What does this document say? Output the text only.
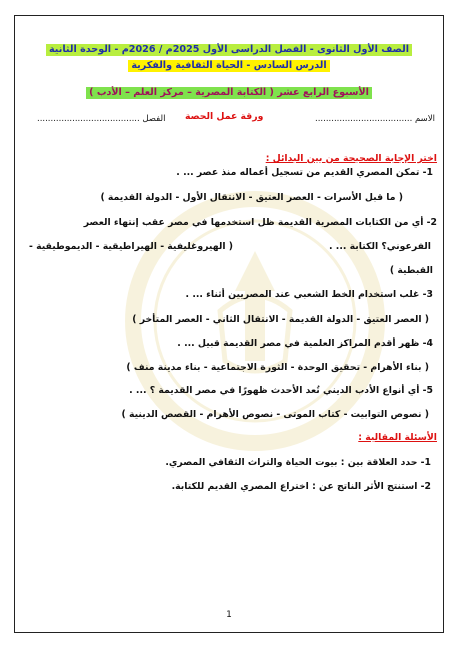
الصف الأول الثانوى - الفصل الدراسى الأول 2025م / 2026م - الوحدة الثانية
الدرس السادس - الحياة الثقافية والفكرية
( الكتابة المصرية – مركز العلم – الأدب ) الأسبوع الرابع عشر
الاسم ....................................
ورقة عمل الحصة
الفصل ......................................
اختر الإجابة الصحيحة من بين البدائل :
1- تمكن المصري القديم من تسجيل أعماله منذ عصر ... .
( ما قبل الأسرات - العصر العتيق - الانتقال الأول - الدولة القديمة )
2- أي من الكتابات المصرية القديمة ظل استخدمها في مصر عقب إنتهاء العصر
الفرعوني؟ الكتابة ... .
( الهيروغليفية - الهيراطيقية - الديموطيقية -
القبطية )
3- غلب استخدام الخط الشعبي عند المصريين أثناء ... .
( العصر العتيق - الدولة القديمة - الانتقال الثاني - العصر المتأخر )
4- ظهر أقدم المراكز العلمية في مصر القديمة قبيل ... .
( بناء الأهرام - تحقيق الوحدة - الثورة الاجتماعية - بناء مدينة منف )
5- أي أنواع الأدب الديني تُعد الأحدث ظهورًا في مصر القديمة ؟ ... .
( نصوص التوابيت - كتاب الموتى - نصوص الأهرام - القصص الدينية )
الأسئلة المقالية :
1- حدد العلاقة بين : بيوت الحياة والتراث الثقافي المصري.
2- استنتج الأثر الناتج عن : اختراع المصري القديم للكتابة.
1
